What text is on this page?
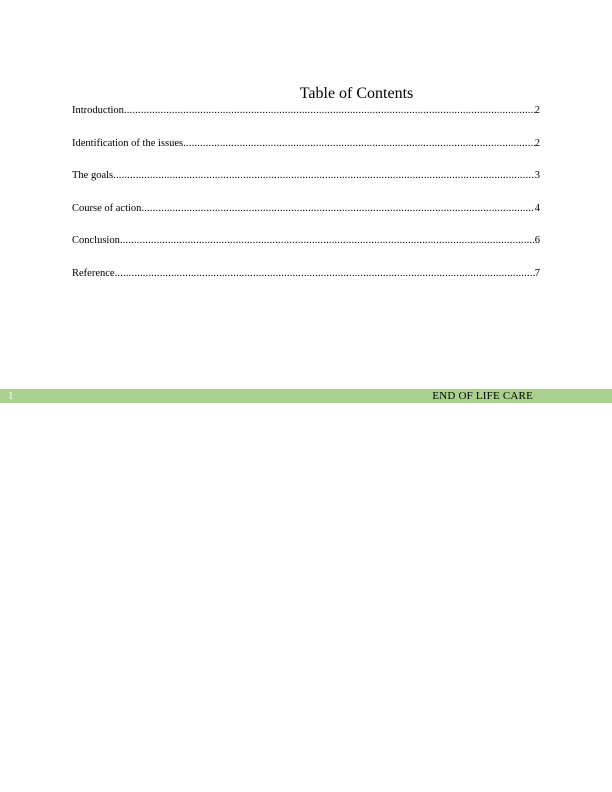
Table of Contents
Introduction .....	2
Identification of the issues .....	2
The goals .....	3
Course of action .....	4
Conclusion .....	6
Reference .....	7
1	END OF LIFE CARE
